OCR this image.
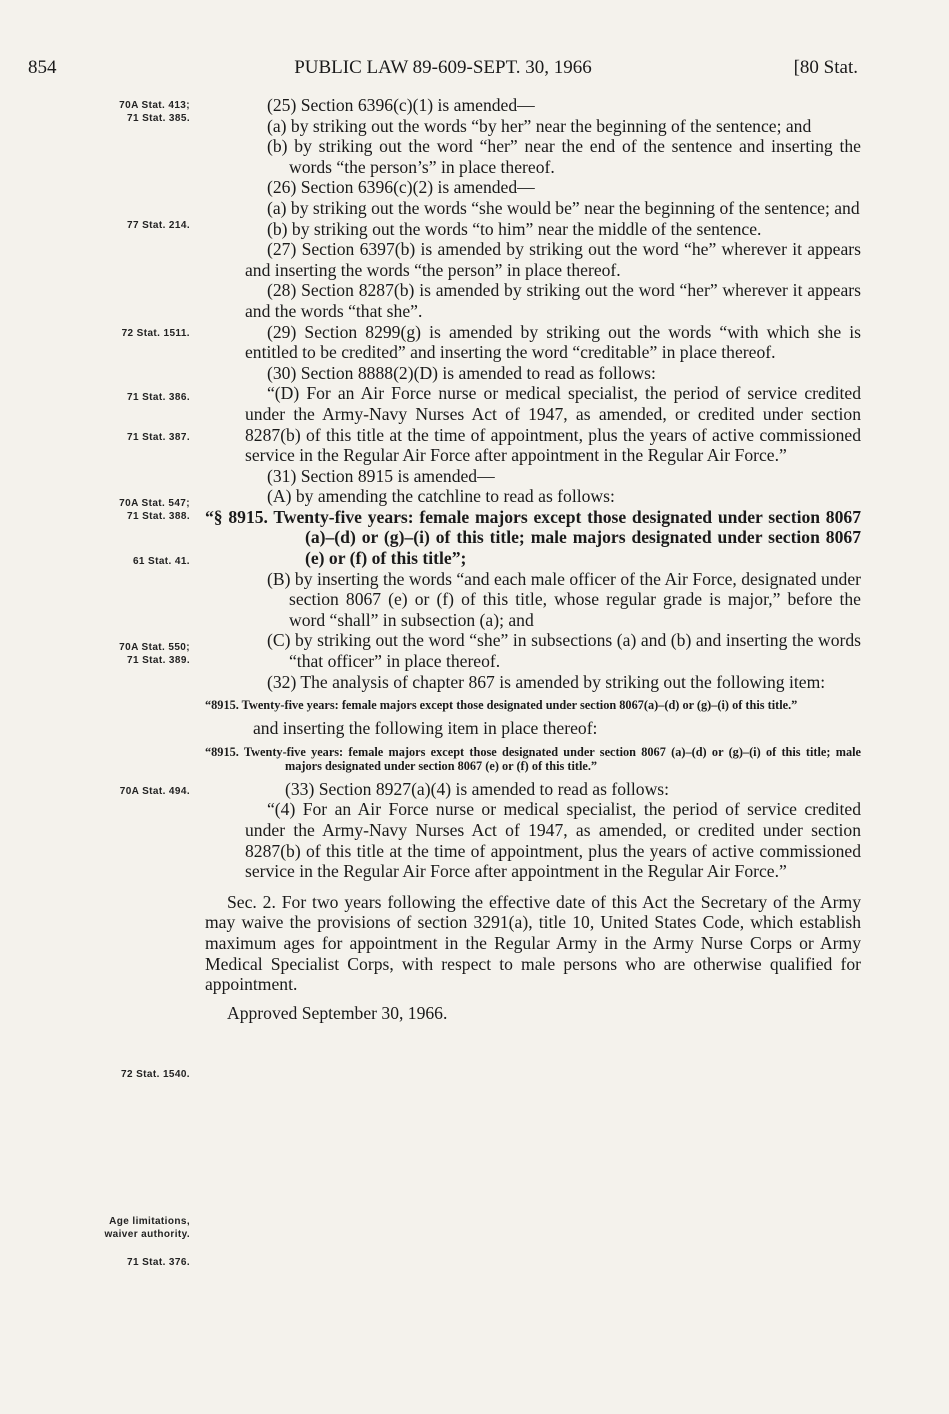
854	PUBLIC LAW 89-609-SEPT. 30, 1966	[80 Stat.
70A Stat. 413;
71 Stat. 385.
77 Stat. 214.
72 Stat. 1511.
71 Stat. 386.
71 Stat. 387.
70A Stat. 547;
71 Stat. 388.
61 Stat. 41.
70A Stat. 550;
71 Stat. 389.
70A Stat. 494.
72 Stat. 1540.
Age limitations,
waiver authority.
71 Stat. 376.

(25) Section 6396(c)(1) is amended—

(a) by striking out the words “by her” near the beginning of the sentence; and

(b) by striking out the word “her” near the end of the sentence and inserting the words “the person’s” in place thereof.

(26) Section 6396(c)(2) is amended—

(a) by striking out the words “she would be” near the beginning of the sentence; and

(b) by striking out the words “to him” near the middle of the sentence.

(27) Section 6397(b) is amended by striking out the word “he” wherever it appears and inserting the words “the person” in place thereof.

(28) Section 8287(b) is amended by striking out the word “her” wherever it appears and the words “that she”.

(29) Section 8299(g) is amended by striking out the words “with which she is entitled to be credited” and inserting the word “creditable” in place thereof.

(30) Section 8888(2)(D) is amended to read as follows:

“(D) For an Air Force nurse or medical specialist, the period of service credited under the Army-Navy Nurses Act of 1947, as amended, or credited under section 8287(b) of this title at the time of appointment, plus the years of active commissioned service in the Regular Air Force after appointment in the Regular Air Force.”

(31) Section 8915 is amended—

(A) by amending the catchline to read as follows:

“§ 8915. Twenty-five years: female majors except those designated under section 8067 (a)–(d) or (g)–(i) of this title; male majors designated under section 8067 (e) or (f) of this title”;

(B) by inserting the words “and each male officer of the Air Force, designated under section 8067 (e) or (f) of this title, whose regular grade is major,” before the word “shall” in subsection (a); and

(C) by striking out the word “she” in subsections (a) and (b) and inserting the words “that officer” in place thereof.

(32) The analysis of chapter 867 is amended by striking out the following item:

“8915. Twenty-five years: female majors except those designated under section 8067(a)–(d) or (g)–(i) of this title.”

and inserting the following item in place thereof:

“8915. Twenty-five years: female majors except those designated under section 8067 (a)–(d) or (g)–(i) of this title; male majors designated under section 8067 (e) or (f) of this title.”

(33) Section 8927(a)(4) is amended to read as follows:

“(4) For an Air Force nurse or medical specialist, the period of service credited under the Army-Navy Nurses Act of 1947, as amended, or credited under section 8287(b) of this title at the time of appointment, plus the years of active commissioned service in the Regular Air Force after appointment in the Regular Air Force.”

Sec. 2. For two years following the effective date of this Act the Secretary of the Army may waive the provisions of section 3291(a), title 10, United States Code, which establish maximum ages for appointment in the Regular Army in the Army Nurse Corps or Army Medical Specialist Corps, with respect to male persons who are otherwise qualified for appointment.

Approved September 30, 1966.
